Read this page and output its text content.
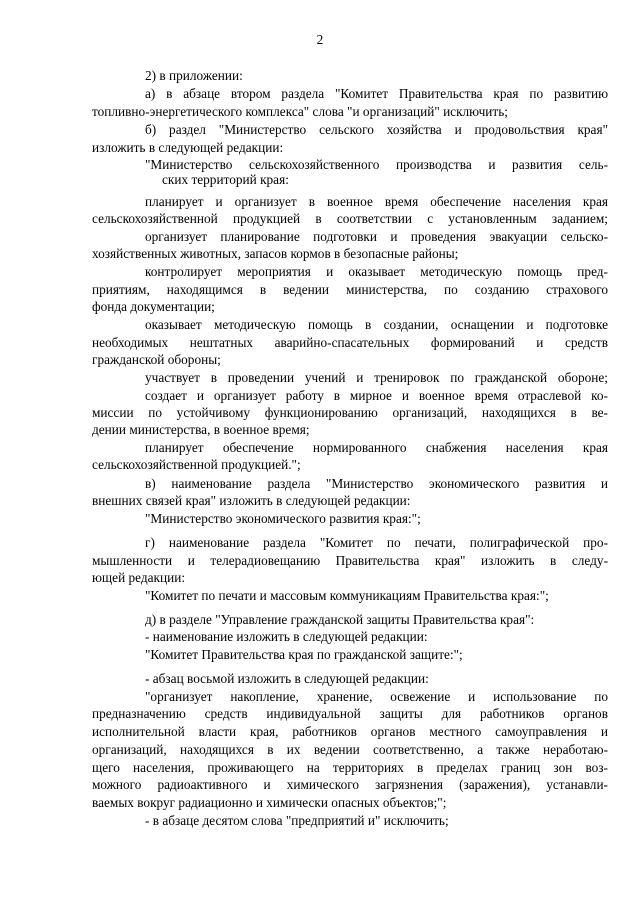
2
2) в приложении:
а) в абзаце втором раздела "Комитет Правительства края по развитию
топливно-энергетического комплекса" слова "и организаций" исключить;
б) раздел "Министерство сельского хозяйства и продовольствия края"
изложить в следующей редакции:
"Министерство сельскохозяйственного производства и развития сель-
ских территорий края:
планирует и организует в военное время обеспечение населения края
сельскохозяйственной продукцией в соответствии с установленным заданием;
организует планирование подготовки и проведения эвакуации сельско-
хозяйственных животных, запасов кормов в безопасные районы;
контролирует мероприятия и оказывает методическую помощь пред-
приятиям, находящимся в ведении министерства, по созданию страхового
фонда документации;
оказывает методическую помощь в создании, оснащении и подготовке
необходимых нештатных аварийно-спасательных формирований и средств
гражданской обороны;
участвует в проведении учений и тренировок по гражданской обороне;
создает и организует работу в мирное и военное время отраслевой ко-
миссии по устойчивому функционированию организаций, находящихся в ве-
дении министерства, в военное время;
планирует обеспечение нормированного снабжения населения края
сельскохозяйственной продукцией.";
в) наименование раздела "Министерство экономического развития и
внешних связей края" изложить в следующей редакции:
"Министерство экономического развития края:";
г) наименование раздела "Комитет по печати, полиграфической про-
мышленности и телерадиовещанию Правительства края" изложить в следу-
ющей редакции:
"Комитет по печати и массовым коммуникациям Правительства края:";
д) в разделе "Управление гражданской защиты Правительства края":
- наименование изложить в следующей редакции:
"Комитет Правительства края по гражданской защите:";
- абзац восьмой изложить в следующей редакции:
"организует накопление, хранение, освежение и использование по
предназначению средств индивидуальной защиты для работников органов
исполнительной власти края, работников органов местного самоуправления и
организаций, находящихся в их ведении соответственно, а также неработаю-
щего населения, проживающего на территориях в пределах границ зон воз-
можного радиоактивного и химического загрязнения (заражения), устанавли-
ваемых вокруг радиационно и химически опасных объектов;";
- в абзаце десятом слова "предприятий и" исключить;
